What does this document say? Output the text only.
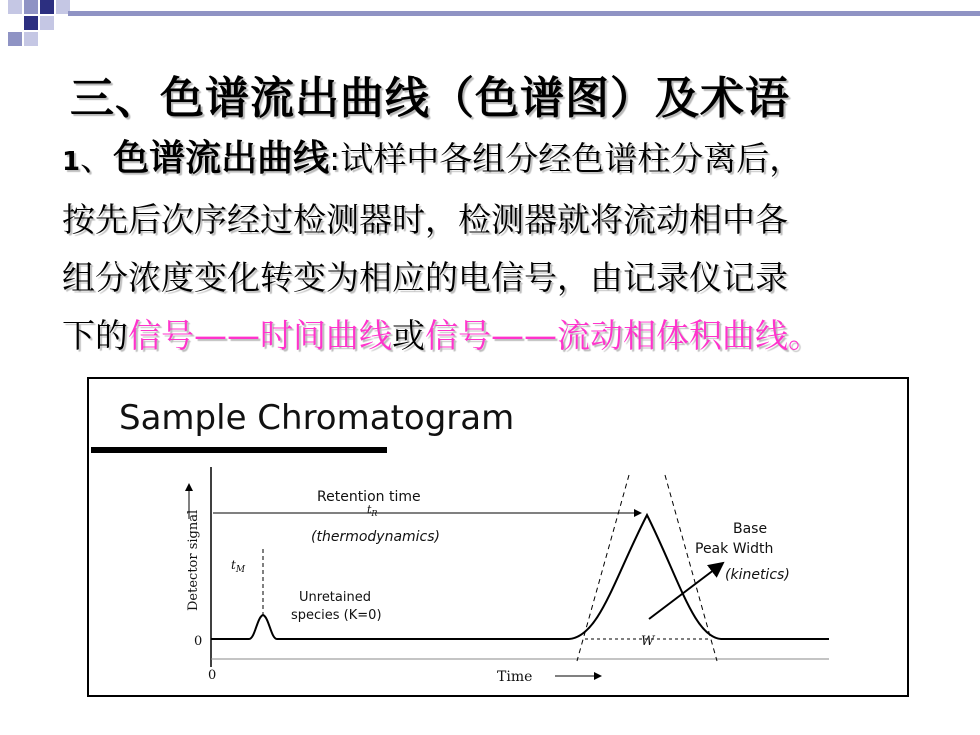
三、色谱流出曲线（色谱图）及术语
1、色谱流出曲线:试样中各组分经色谱柱分离后，
按先后次序经过检测器时，检测器就将流动相中各
组分浓度变化转变为相应的电信号，由记录仪记录
下的信号——时间曲线或信号——流动相体积曲线。
Sample Chromatogram
Detector signal
0
0	Time
$t_M$
Retention time
$t_R$
(thermodynamics)
Unretained
species (K=0)
W
Base
Peak Width
(kinetics)
